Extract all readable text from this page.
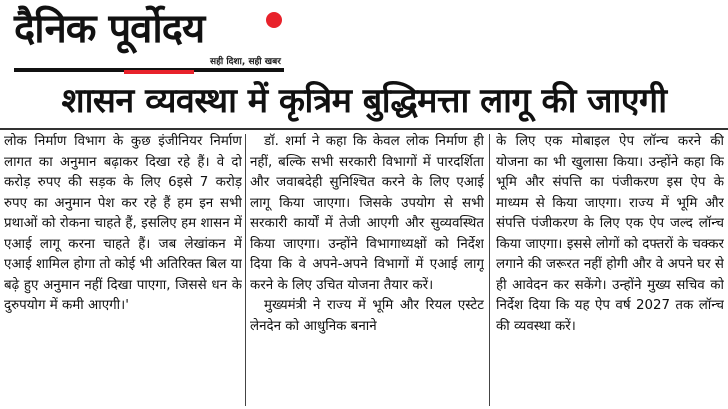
दैनिक पूर्वोदय
सही दिशा, सही खबर
शासन व्यवस्था में कृत्रिम बुद्धिमत्ता लागू की जाएगी
लोक निर्माण विभाग के कुछ इंजीनियर निर्माण लागत का अनुमान बढ़ाकर दिखा रहे हैं। वे दो करोड़ रुपए की सड़क के लिए 6इसे 7 करोड़ रुपए का अनुमान पेश कर रहे हैं हम इन सभी प्रथाओं को रोकना चाहते हैं, इसलिए हम शासन में एआई लागू करना चाहते हैं। जब लेखांकन में एआई शामिल होगा तो कोई भी अतिरिक्त बिल या बढ़े हुए अनुमान नहीं दिखा पाएगा, जिससे धन के दुरुपयोग में कमी आएगी।'
डॉ. शर्मा ने कहा कि केवल लोक निर्माण ही नहीं, बल्कि सभी सरकारी विभागों में पारदर्शिता और जवाबदेही सुनिश्चित करने के लिए एआई लागू किया जाएगा। जिसके उपयोग से सभी सरकारी कार्यों में तेजी आएगी और सुव्यवस्थित किया जाएगा। उन्होंने विभागाध्यक्षों को निर्देश दिया कि वे अपने-अपने विभागों में एआई लागू करने के लिए उचित योजना तैयार करें।
मुख्यमंत्री ने राज्य में भूमि और रियल एस्टेट लेनदेन को आधुनिक बनाने
के लिए एक मोबाइल ऐप लॉन्च करने की योजना का भी खुलासा किया। उन्होंने कहा कि भूमि और संपत्ति का पंजीकरण इस ऐप के माध्यम से किया जाएगा। राज्य में भूमि और संपत्ति पंजीकरण के लिए एक ऐप जल्द लॉन्च किया जाएगा। इससे लोगों को दफ्तरों के चक्कर लगाने की जरूरत नहीं होगी और वे अपने घर से ही आवेदन कर सकेंगे। उन्होंने मुख्य सचिव को निर्देश दिया कि यह ऐप वर्ष 2027 तक लॉन्च की व्यवस्था करें।
